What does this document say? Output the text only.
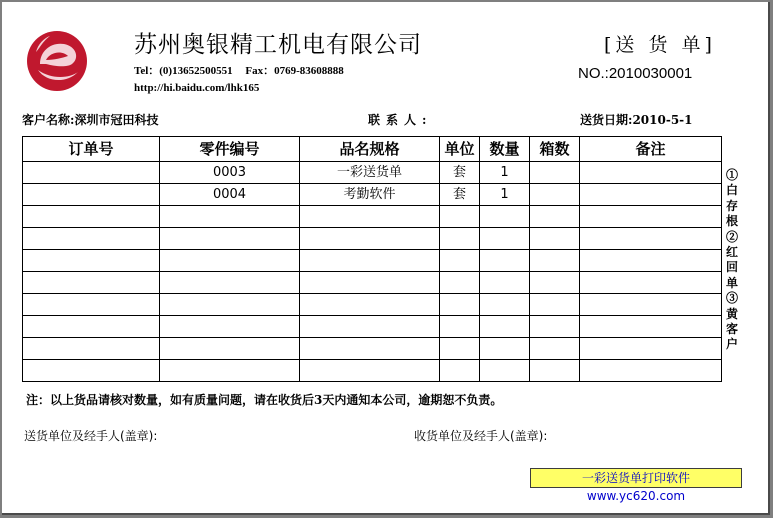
苏州奥银精工机电有限公司
Tel：(0)13652500551 Fax：0769-83608888
http://hi.baidu.com/lhk165
[送 货 单]
NO.:2010030001
客户名称:深圳市冠田科技	联系人:	送货日期:2010-5-1
订单号	零件编号	品名规格	单位	数量	箱数	备注
	0003	一彩送货单	套	1		
	0004	考勤软件	套	1		

①白存根②红回单③黄客户
注：以上货品请核对数量，如有质量问题，请在收货后3天内通知本公司，逾期恕不负责。
送货单位及经手人(盖章):	收货单位及经手人(盖章):
一彩送货单打印软件 www.yc620.com
